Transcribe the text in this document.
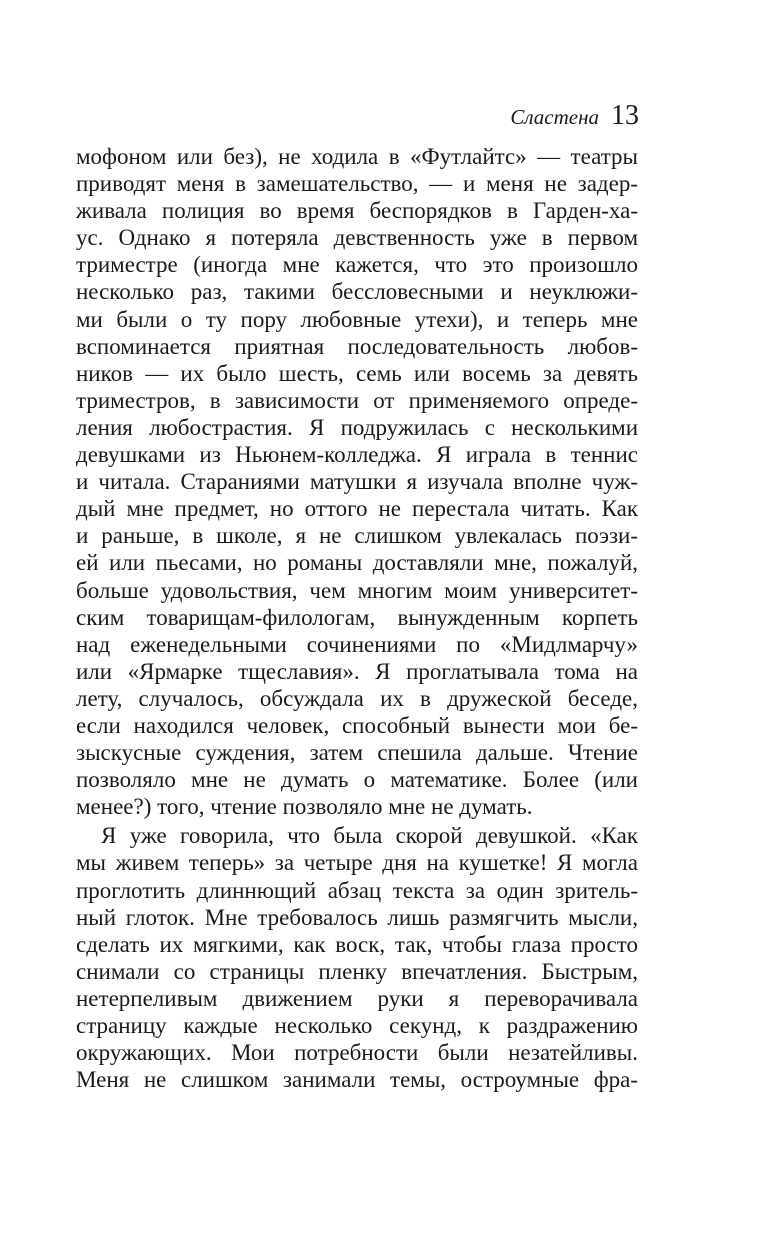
Сластена 13
мофоном или без), не ходила в «Футлайтс» — театры
приводят меня в замешательство, — и меня не задер-
живала полиция во время беспорядков в Гарден-ха-
ус. Однако я потеряла девственность уже в первом
триместре (иногда мне кажется, что это произошло
несколько раз, такими бессловесными и неуклюжи-
ми были о ту пору любовные утехи), и теперь мне
вспоминается приятная последовательность любов-
ников — их было шесть, семь или восемь за девять
триместров, в зависимости от применяемого опреде-
ления любострастия. Я подружилась с несколькими
девушками из Ньюнем-колледжа. Я играла в теннис
и читала. Стараниями матушки я изучала вполне чуж-
дый мне предмет, но оттого не перестала читать. Как
и раньше, в школе, я не слишком увлекалась поэзи-
ей или пьесами, но романы доставляли мне, пожалуй,
больше удовольствия, чем многим моим университет-
ским товарищам-филологам, вынужденным корпеть
над еженедельными сочинениями по «Мидлмарчу»
или «Ярмарке тщеславия». Я проглатывала тома на
лету, случалось, обсуждала их в дружеской беседе,
если находился человек, способный вынести мои бе-
зыскусные суждения, затем спешила дальше. Чтение
позволяло мне не думать о математике. Более (или
менее?) того, чтение позволяло мне не думать.
Я уже говорила, что была скорой девушкой. «Как
мы живем теперь» за четыре дня на кушетке! Я могла
проглотить длиннющий абзац текста за один зритель-
ный глоток. Мне требовалось лишь размягчить мысли,
сделать их мягкими, как воск, так, чтобы глаза просто
снимали со страницы пленку впечатления. Быстрым,
нетерпеливым движением руки я переворачивала
страницу каждые несколько секунд, к раздражению
окружающих. Мои потребности были незатейливы.
Меня не слишком занимали темы, остроумные фра-
